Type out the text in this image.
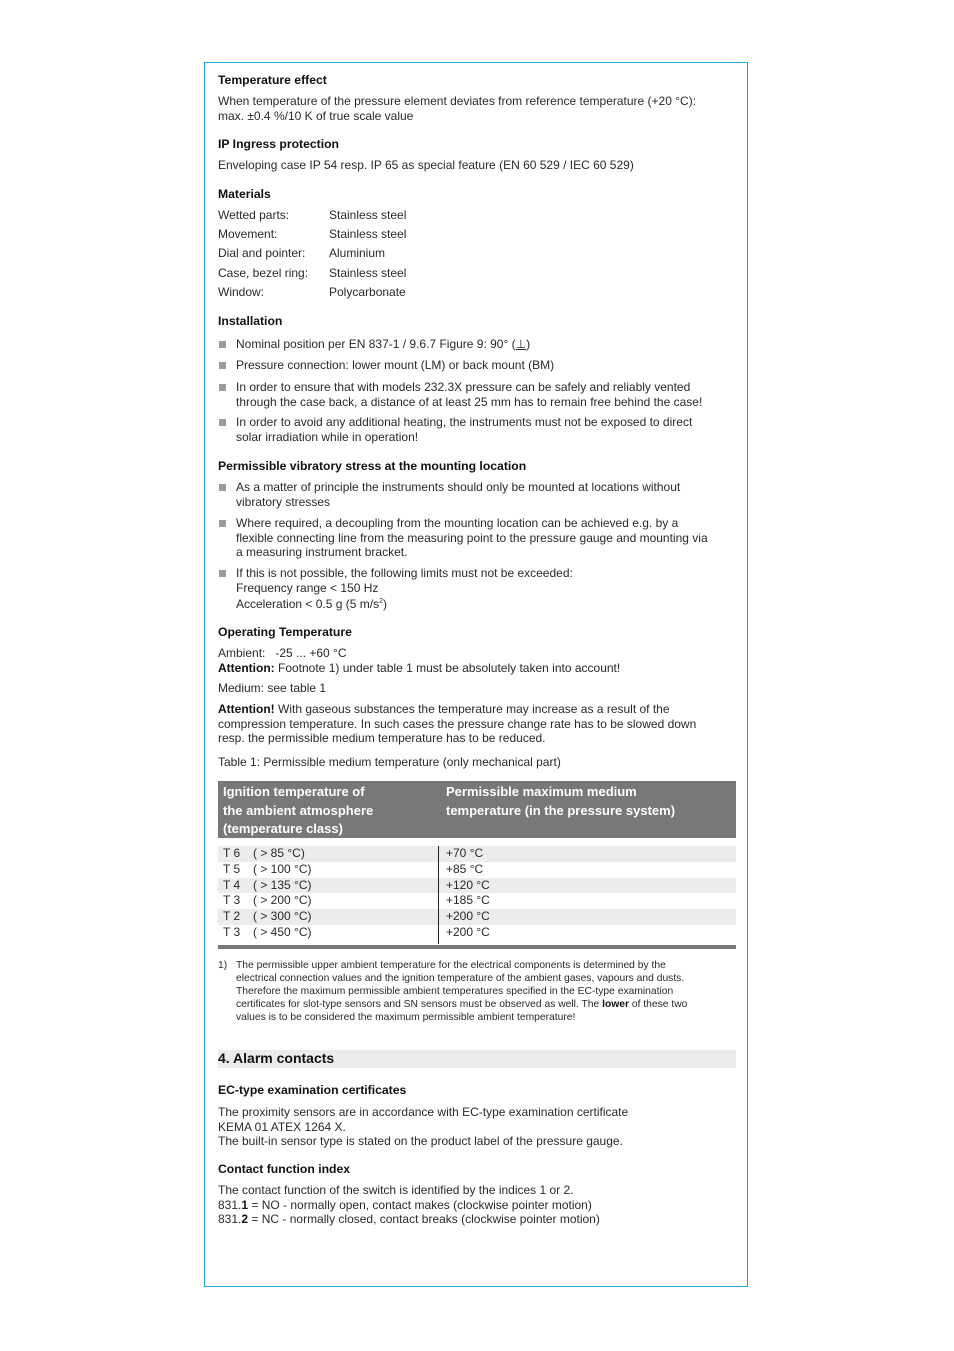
Temperature effect
When temperature of the pressure element deviates from reference temperature (+20 °C):
max. ±0.4 %/10 K of true scale value
IP Ingress protection
Enveloping case IP 54 resp. IP 65 as special feature (EN 60 529 / IEC 60 529)
Materials
Wetted parts:	Stainless steel
Movement:	Stainless steel
Dial and pointer:	Aluminium
Case, bezel ring:	Stainless steel
Window:	Polycarbonate
Installation
Nominal position per EN 837-1 / 9.6.7 Figure 9: 90° (⊥)
Pressure connection: lower mount (LM) or back mount (BM)
In order to ensure that with models 232.3X pressure can be safely and reliably vented
through the case back, a distance of at least 25 mm has to remain free behind the case!
In order to avoid any additional heating, the instruments must not be exposed to direct
solar irradiation while in operation!
Permissible vibratory stress at the mounting location
As a matter of principle the instruments should only be mounted at locations without
vibratory stresses
Where required, a decoupling from the mounting location can be achieved e.g. by a
flexible connecting line from the measuring point to the pressure gauge and mounting via
a measuring instrument bracket.
If this is not possible, the following limits must not be exceeded:
Frequency range < 150 Hz
Acceleration < 0.5 g (5 $m/s^2$)
Operating Temperature
Ambient:   -25 ... +60 °C
Attention: Footnote 1) under table 1 must be absolutely taken into account!
Medium: see table 1
Attention! With gaseous substances the temperature may increase as a result of the
compression temperature. In such cases the pressure change rate has to be slowed down
resp. the permissible medium temperature has to be reduced.
Table 1: Permissible medium temperature (only mechanical part)
Ignition temperature of
the ambient atmosphere
(temperature class)
Permissible maximum medium
temperature (in the pressure system)
T 6 ( > 85 °C)	+70 °C
T 5 ( > 100 °C)	+85 °C
T 4 ( > 135 °C)	+120 °C
T 3 ( > 200 °C)	+185 °C
T 2 ( > 300 °C)	+200 °C
T 3 ( > 450 °C)	+200 °C
1) The permissible upper ambient temperature for the electrical components is determined by the
electrical connection values and the ignition temperature of the ambient gases, vapours and dusts.
Therefore the maximum permissible ambient temperatures specified in the EC-type examination
certificates for slot-type sensors and SN sensors must be observed as well. The lower of these two
values is to be considered the maximum permissible ambient temperature!
4. Alarm contacts
EC-type examination certificates
The proximity sensors are in accordance with EC-type examination certificate
KEMA 01 ATEX 1264 X.
The built-in sensor type is stated on the product label of the pressure gauge.
Contact function index
The contact function of the switch is identified by the indices 1 or 2.
831.1 = NO - normally open, contact makes (clockwise pointer motion)
831.2 = NC - normally closed, contact breaks (clockwise pointer motion)
